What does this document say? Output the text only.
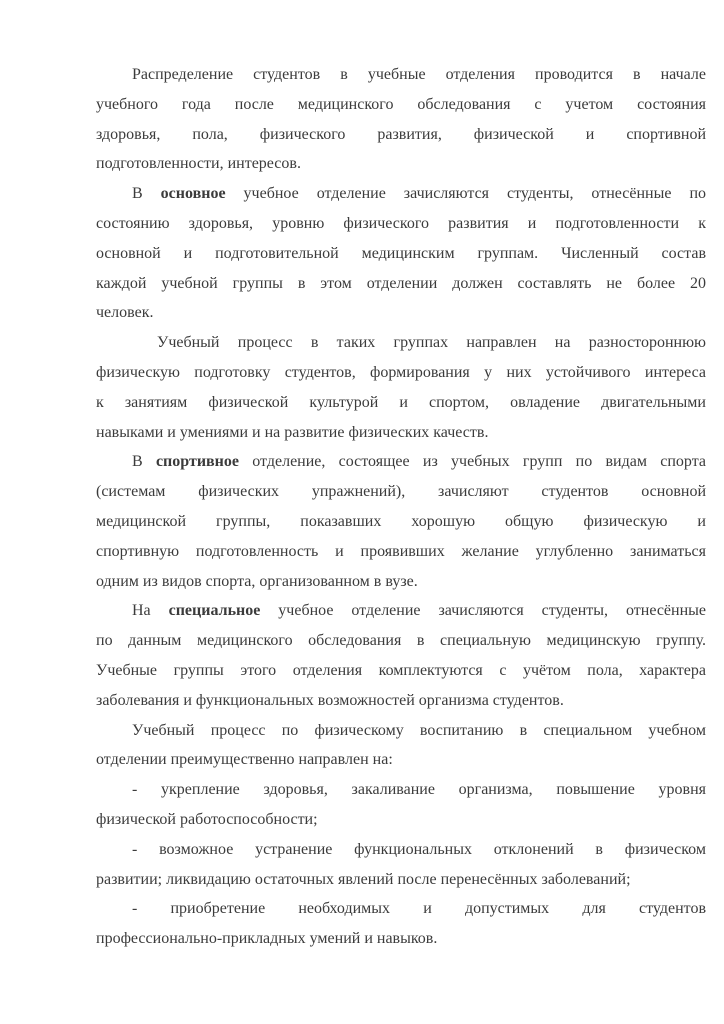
Распределение студентов в учебные отделения проводится в начале
учебного года после медицинского обследования с учетом состояния
здоровья, пола, физического развития, физической и спортивной
подготовленности, интересов.
В основное учебное отделение зачисляются студенты, отнесённые по
состоянию здоровья, уровню физического развития и подготовленности к
основной и подготовительной медицинским группам. Численный состав
каждой учебной группы в этом отделении должен составлять не более 20
человек.
Учебный процесс в таких группах направлен на разностороннюю
физическую подготовку студентов, формирования у них устойчивого интереса
к занятиям физической культурой и спортом, овладение двигательными
навыками и умениями и на развитие физических качеств.
В спортивное отделение, состоящее из учебных групп по видам спорта
(системам физических упражнений), зачисляют студентов основной
медицинской группы, показавших хорошую общую физическую и
спортивную подготовленность и проявивших желание углубленно заниматься
одним из видов спорта, организованном в вузе.
На специальное учебное отделение зачисляются студенты, отнесённые
по данным медицинского обследования в специальную медицинскую группу.
Учебные группы этого отделения комплектуются с учётом пола, характера
заболевания и функциональных возможностей организма студентов.
Учебный процесс по физическому воспитанию в специальном учебном
отделении преимущественно направлен на:
- укрепление здоровья, закаливание организма, повышение уровня
физической работоспособности;
- возможное устранение функциональных отклонений в физическом
развитии; ликвидацию остаточных явлений после перенесённых заболеваний;
- приобретение необходимых и допустимых для студентов
профессионально-прикладных умений и навыков.
